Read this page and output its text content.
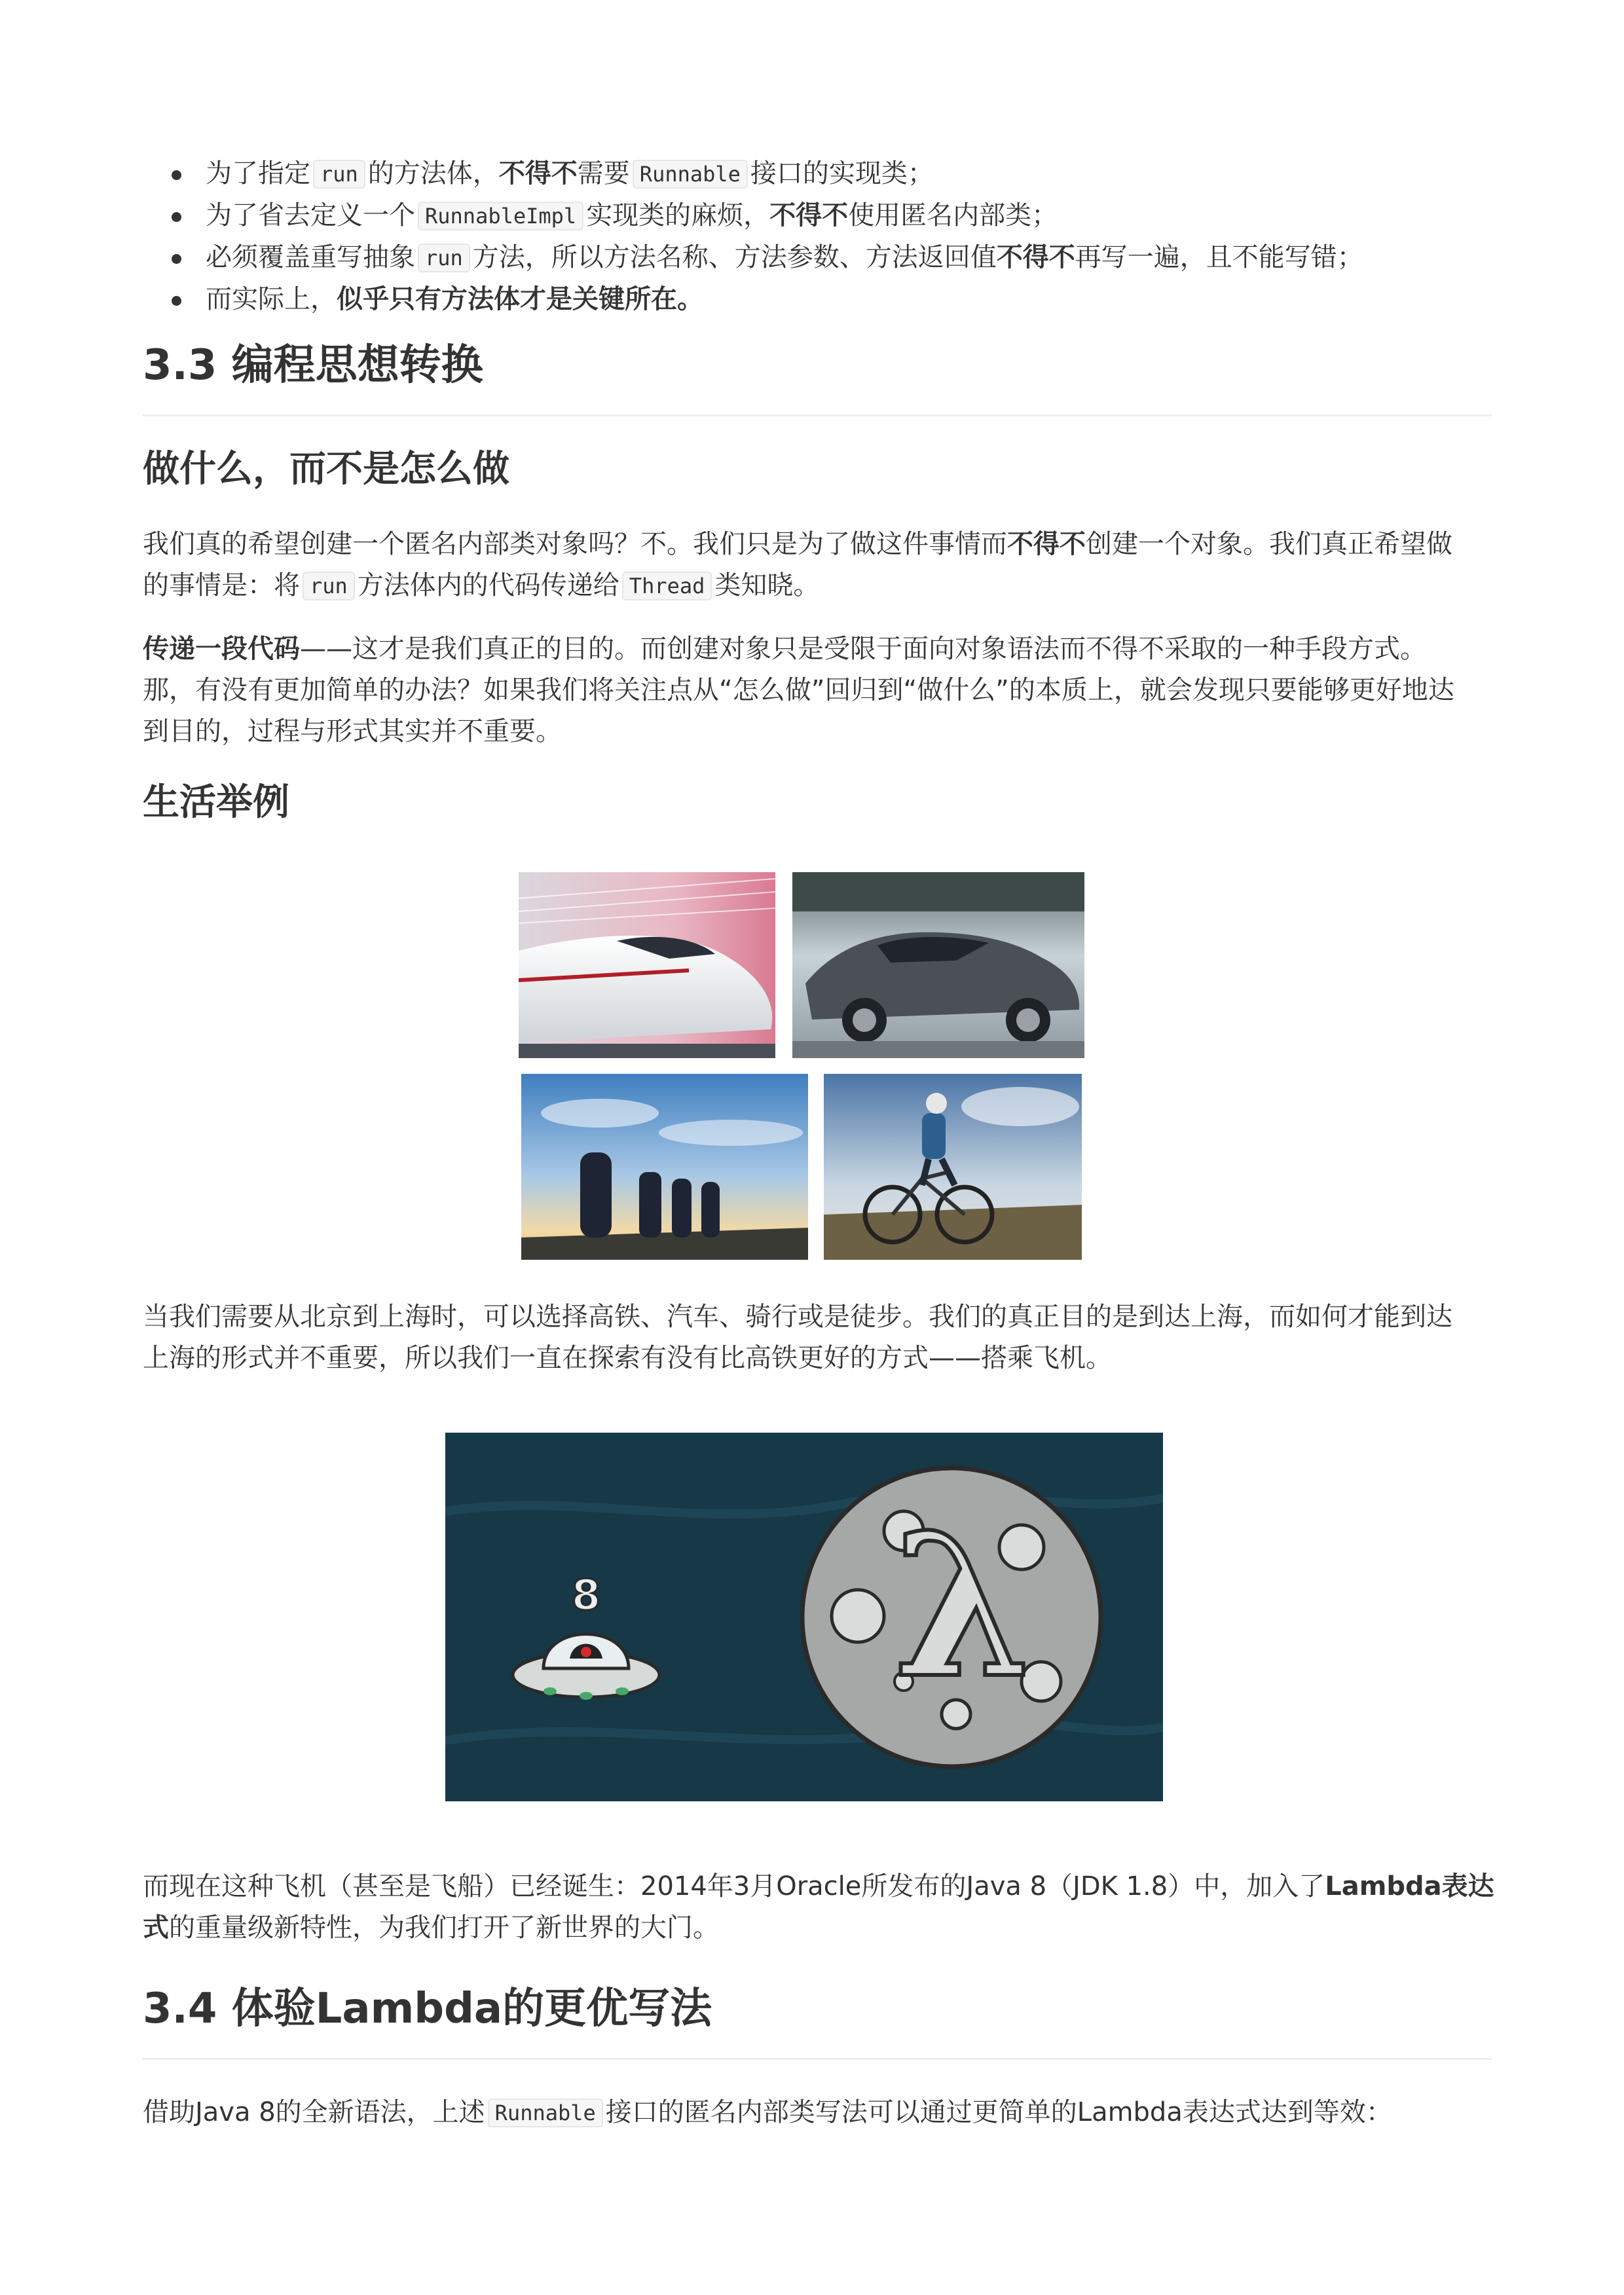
为了指定 run 的方法体，不得不需要 Runnable 接口的实现类；
为了省去定义一个 RunnableImpl 实现类的麻烦，不得不使用匿名内部类；
必须覆盖重写抽象 run 方法，所以方法名称、方法参数、方法返回值不得不再写一遍，且不能写错；
而实际上，似乎只有方法体才是关键所在。
3.3 编程思想转换
做什么，而不是怎么做
我们真的希望创建一个匿名内部类对象吗？不。我们只是为了做这件事情而不得不创建一个对象。我们真正希望做
的事情是：将 run 方法体内的代码传递给 Thread 类知晓。
传递一段代码——这才是我们真正的目的。而创建对象只是受限于面向对象语法而不得不采取的一种手段方式。
那，有没有更加简单的办法？如果我们将关注点从“怎么做”回归到“做什么”的本质上，就会发现只要能够更好地达
到目的，过程与形式其实并不重要。
生活举例
当我们需要从北京到上海时，可以选择高铁、汽车、骑行或是徒步。我们的真正目的是到达上海，而如何才能到达
上海的形式并不重要，所以我们一直在探索有没有比高铁更好的方式——搭乘飞机。
8 λ
而现在这种飞机（甚至是飞船）已经诞生：2014年3月Oracle所发布的Java 8（JDK 1.8）中，加入了Lambda表达
式的重量级新特性，为我们打开了新世界的大门。
3.4 体验Lambda的更优写法
借助Java 8的全新语法，上述 Runnable 接口的匿名内部类写法可以通过更简单的Lambda表达式达到等效：
